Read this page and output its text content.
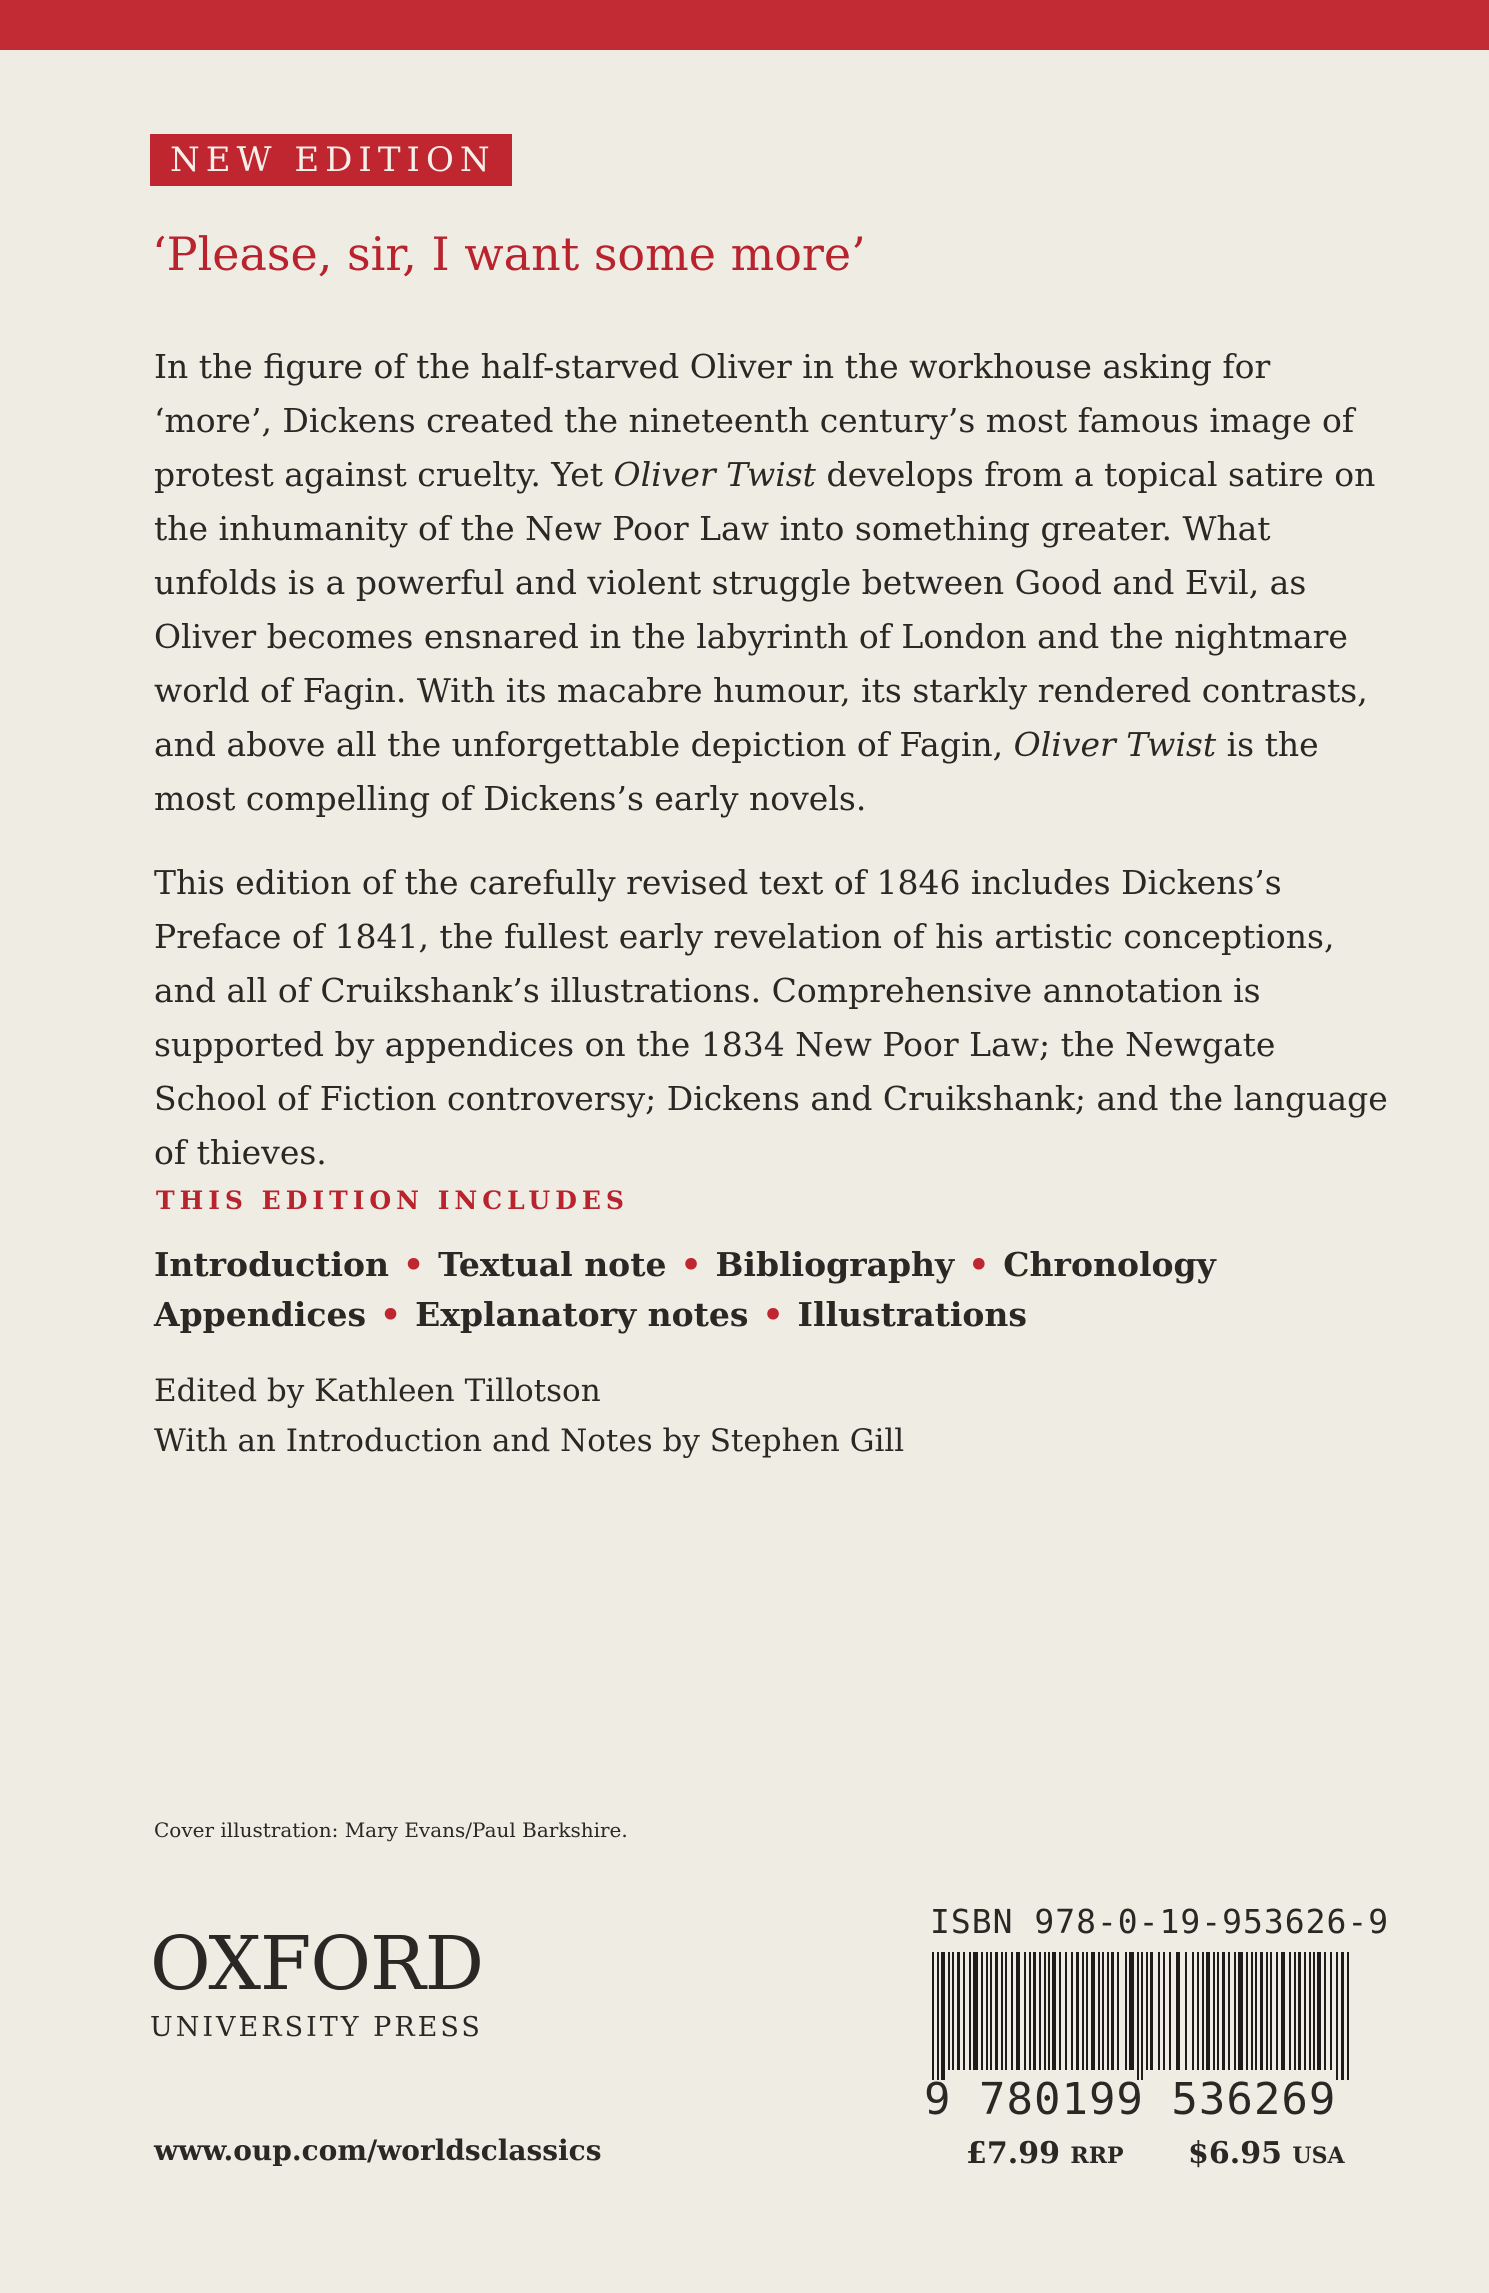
NEW EDITION
‘Please, sir, I want some more’

In the figure of the half-starved Oliver in the workhouse asking for ‘more’, Dickens created the nineteenth century’s most famous image of protest against cruelty. Yet Oliver Twist develops from a topical satire on the inhumanity of the New Poor Law into something greater. What unfolds is a powerful and violent struggle between Good and Evil, as Oliver becomes ensnared in the labyrinth of London and the nightmare world of Fagin. With its macabre humour, its starkly rendered contrasts, and above all the unforgettable depiction of Fagin, Oliver Twist is the most compelling of Dickens’s early novels.

This edition of the carefully revised text of 1846 includes Dickens’s Preface of 1841, the fullest early revelation of his artistic conceptions, and all of Cruikshank’s illustrations. Comprehensive annotation is supported by appendices on the 1834 New Poor Law; the Newgate School of Fiction controversy; Dickens and Cruikshank; and the language of thieves.

THIS EDITION INCLUDES

Introduction • Textual note • Bibliography • Chronology
Appendices • Explanatory notes • Illustrations
Edited by Kathleen Tillotson
With an Introduction and Notes by Stephen Gill
Cover illustration: Mary Evans/Paul Barkshire.
OXFORD
UNIVERSITY PRESS
www.oup.com/worldsclassics
ISBN 978-0-19-953626-9
9 780199 536269
£7.99 RRP $6.95 USA
